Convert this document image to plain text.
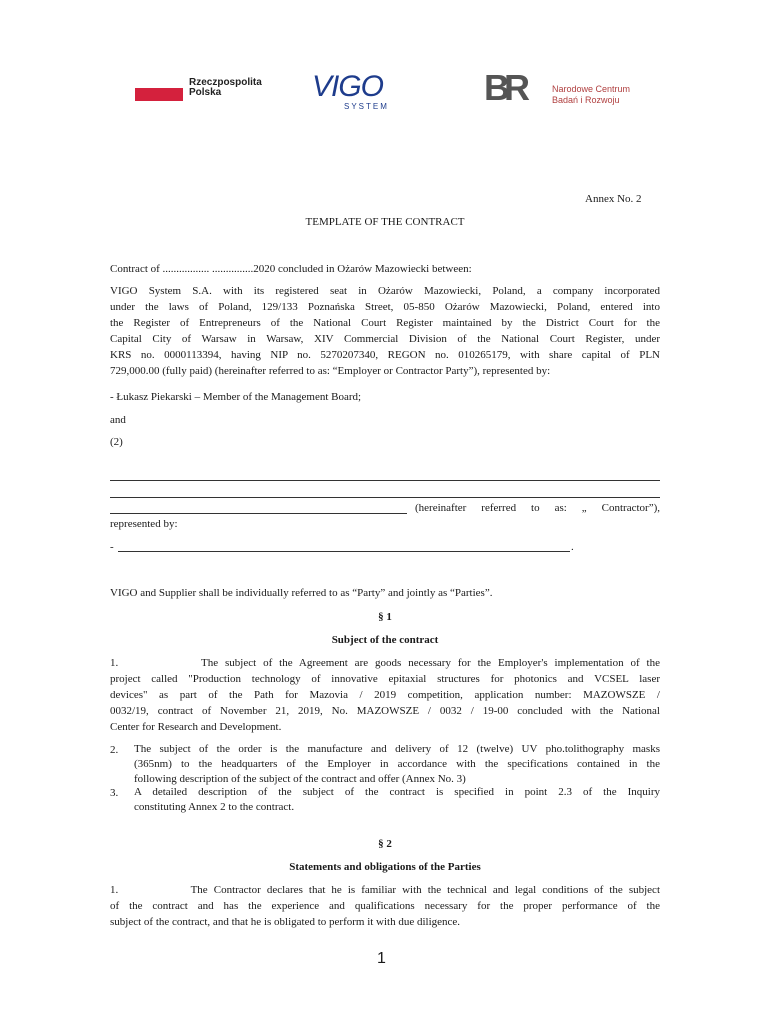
Rzeczpospolita
Polska	VIGO
SYSTEM	BR	Narodowe Centrum
Badań i Rozwoju
Annex No. 2
TEMPLATE OF THE CONTRACT
Contract of ................. ...............2020 concluded in Ożarów Mazowiecki between:
VIGO System S.A. with its registered seat in Ożarów Mazowiecki, Poland, a company incorporated
under the laws of Poland, 129/133 Poznańska Street, 05-850 Ożarów Mazowiecki, Poland, entered into
the Register of Entrepreneurs of the National Court Register maintained by the District Court for the
Capital City of Warsaw in Warsaw, XIV Commercial Division of the National Court Register, under
KRS no. 0000113394, having NIP no. 5270207340, REGON no. 010265179, with share capital of PLN
729,000.00 (fully paid) (hereinafter referred to as: “Employer or Contractor Party”), represented by:
- Łukasz Piekarski – Member of the Management Board;
and
(2)
(hereinafter referred to as: „ Contractor”),
represented by:
-	.
VIGO and Supplier shall be individually referred to as “Party” and jointly as “Parties”.
§ 1
Subject of the contract
1.            The subject of the Agreement are goods necessary for the Employer's implementation of the
project called "Production technology of innovative epitaxial structures for photonics and VCSEL laser
devices" as part of the Path for Mazovia / 2019 competition, application number: MAZOWSZE /
0032/19, contract of November 21, 2019, No. MAZOWSZE / 0032 / 19-00 concluded with the National
Center for Research and Development.
2.	The subject of the order is the manufacture and delivery of 12 (twelve) UV pho.tolithography masks
(365nm) to the headquarters of the Employer in accordance with the specifications contained in the
following description of the subject of the contract and offer (Annex No. 3)
3.	A  detailed  description  of  the  subject  of  the  contract  is  specified  in  point  2.3  of  the  Inquiry
constituting Annex 2 to the contract.
§ 2
Statements and obligations of the Parties
1.            The Contractor declares that he is familiar with the technical and legal conditions of the subject
of the contract and has the experience and qualifications necessary for the proper performance of the
subject of the contract, and that he is obligated to perform it with due diligence.
1
